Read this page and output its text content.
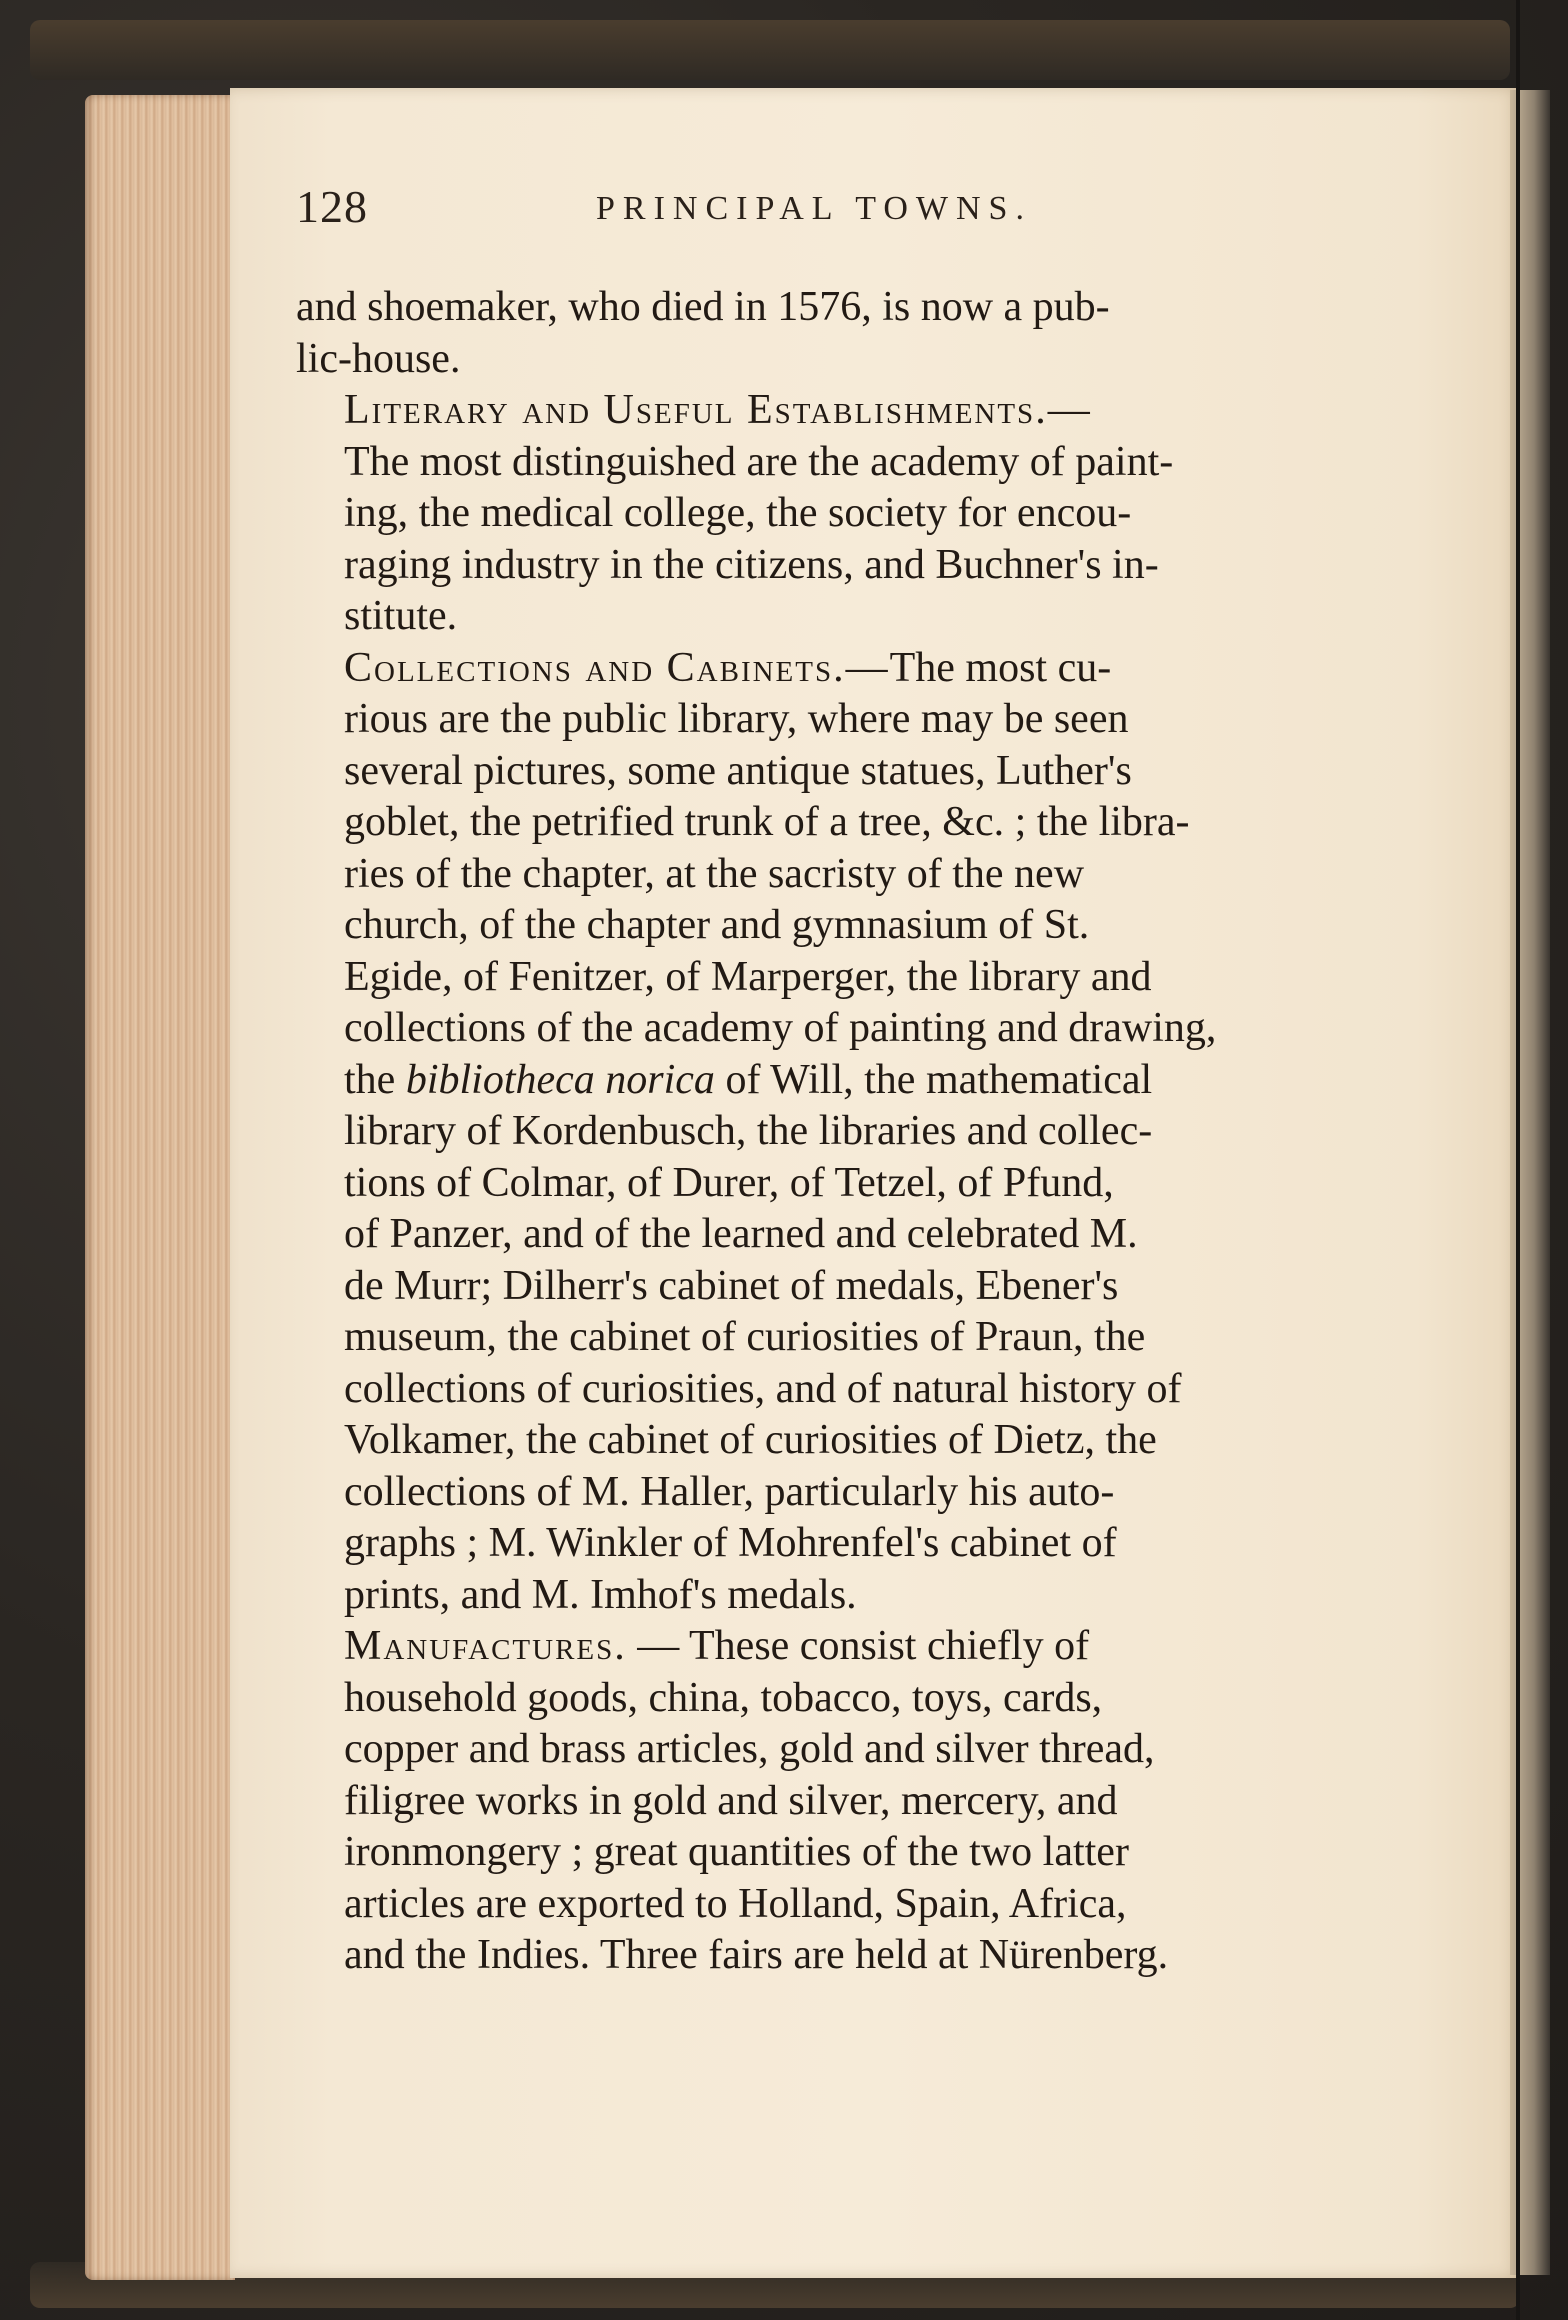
128	PRINCIPAL TOWNS.

and shoemaker, who died in 1576, is now a pub-
lic-house.

Literary and Useful Establishments.—
The most distinguished are the academy of paint-
ing, the medical college, the society for encou-
raging industry in the citizens, and Buchner's in-
stitute.

Collections and Cabinets.—The most cu-
rious are the public library, where may be seen
several pictures, some antique statues, Luther's
goblet, the petrified trunk of a tree, &c. ; the libra-
ries of the chapter, at the sacristy of the new
church, of the chapter and gymnasium of St.
Egide, of Fenitzer, of Marperger, the library and
collections of the academy of painting and drawing,
the bibliotheca norica of Will, the mathematical
library of Kordenbusch, the libraries and collec-
tions of Colmar, of Durer, of Tetzel, of Pfund,
of Panzer, and of the learned and celebrated M.
de Murr; Dilherr's cabinet of medals, Ebener's
museum, the cabinet of curiosities of Praun, the
collections of curiosities, and of natural history of
Volkamer, the cabinet of curiosities of Dietz, the
collections of M. Haller, particularly his auto-
graphs ; M. Winkler of Mohrenfel's cabinet of
prints, and M. Imhof's medals.

Manufactures. — These consist chiefly of
household goods, china, tobacco, toys, cards,
copper and brass articles, gold and silver thread,
filigree works in gold and silver, mercery, and
ironmongery ; great quantities of the two latter
articles are exported to Holland, Spain, Africa,
and the Indies. Three fairs are held at Nürenberg.
